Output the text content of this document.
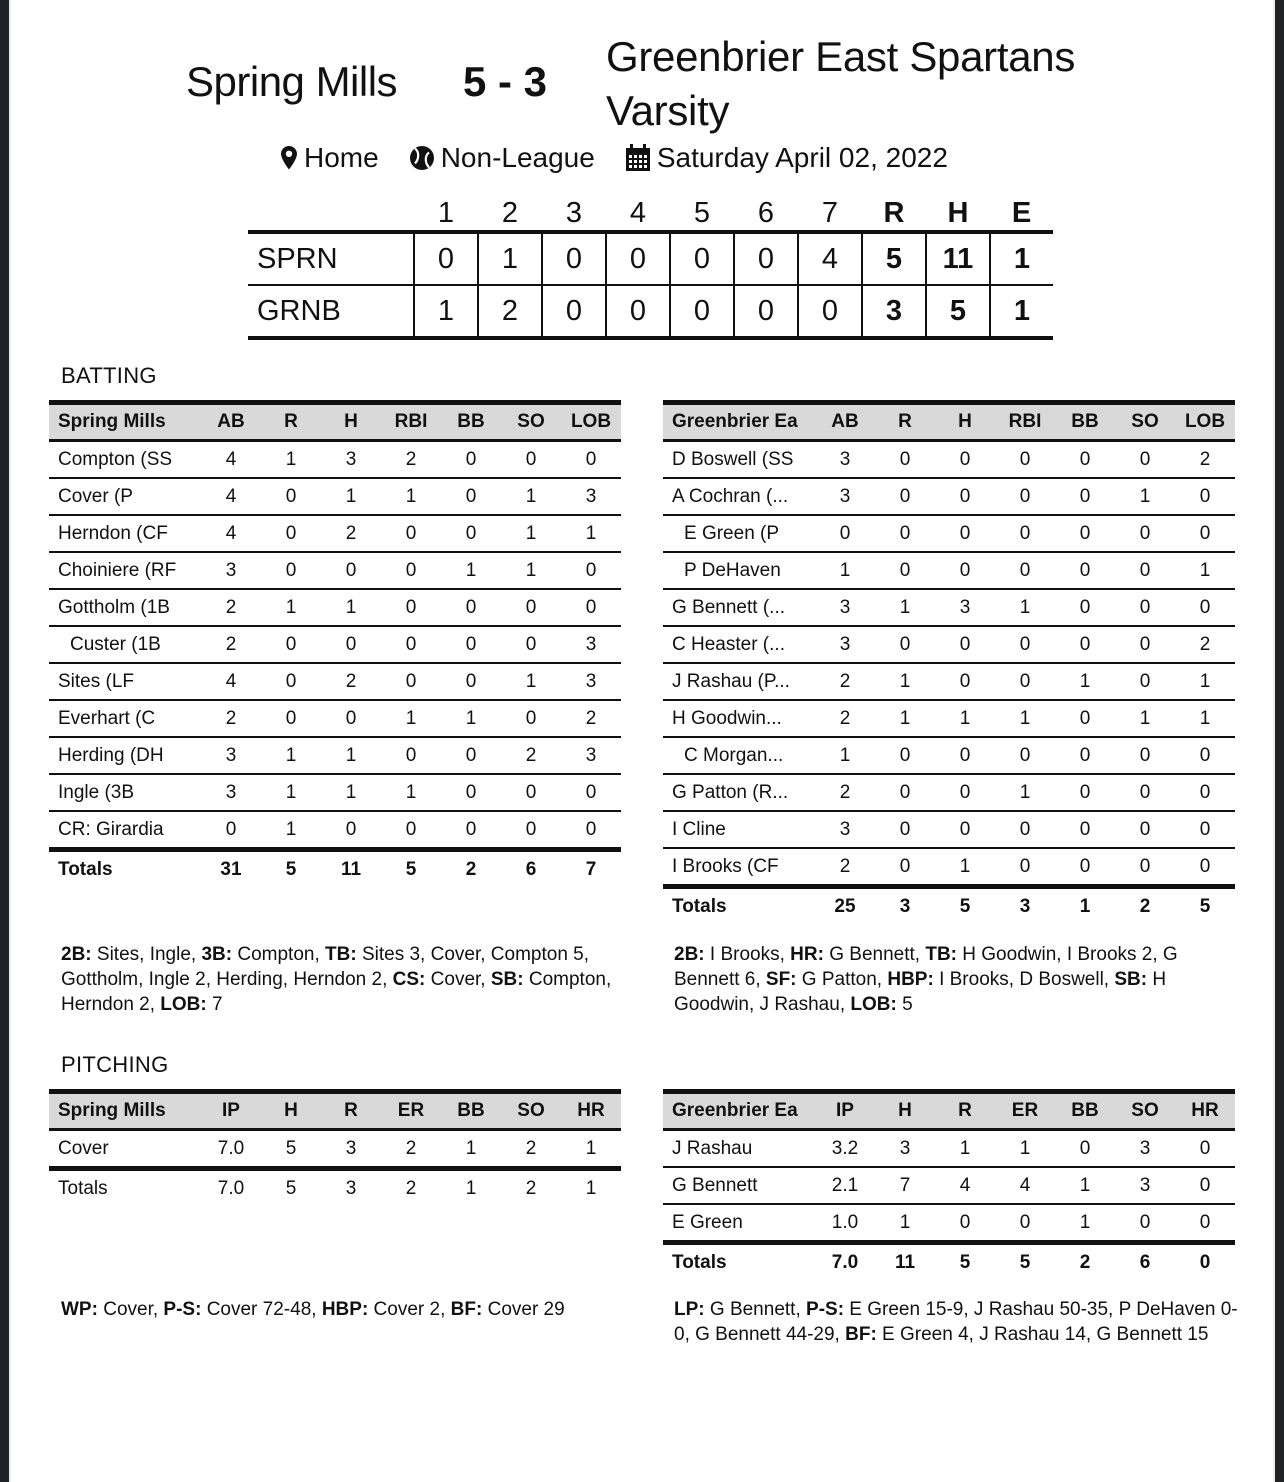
Spring Mills 5 - 3
Greenbrier East Spartans Varsity
Home Non-League Saturday April 02, 2022
	1	2	3	4	5	6	7	R	H	E
SPRN	0	1	0	0	0	0	4	5	11	1
GRNB	1	2	0	0	0	0	0	3	5	1
BATTING
Spring Mills	AB	R	H	RBI	BB	SO	LOB
Compton (SS	4	1	3	2	0	0	0
Cover (P	4	0	1	1	0	1	3
Herndon (CF	4	0	2	0	0	1	1
Choiniere (RF	3	0	0	0	1	1	0
Gottholm (1B	2	1	1	0	0	0	0
Custer (1B	2	0	0	0	0	0	3
Sites (LF	4	0	2	0	0	1	3
Everhart (C	2	0	0	1	1	0	2
Herding (DH	3	1	1	0	0	2	3
Ingle (3B	3	1	1	1	0	0	0
CR: Girardia	0	1	0	0	0	0	0
Totals	31	5	11	5	2	6	7
Greenbrier Ea	AB	R	H	RBI	BB	SO	LOB
D Boswell (SS	3	0	0	0	0	0	2
A Cochran (...	3	0	0	0	0	1	0
E Green (P	0	0	0	0	0	0	0
P DeHaven	1	0	0	0	0	0	1
G Bennett (...	3	1	3	1	0	0	0
C Heaster (...	3	0	0	0	0	0	2
J Rashau (P...	2	1	0	0	1	0	1
H Goodwin...	2	1	1	1	0	1	1
C Morgan...	1	0	0	0	0	0	0
G Patton (R...	2	0	0	1	0	0	0
I Cline	3	0	0	0	0	0	0
I Brooks (CF	2	0	1	0	0	0	0
Totals	25	3	5	3	1	2	5
2B: Sites, Ingle, 3B: Compton, TB: Sites 3, Cover, Compton 5, Gottholm, Ingle 2, Herding, Herndon 2, CS: Cover, SB: Compton, Herndon 2, LOB: 7
2B: I Brooks, HR: G Bennett, TB: H Goodwin, I Brooks 2, G Bennett 6, SF: G Patton, HBP: I Brooks, D Boswell, SB: H Goodwin, J Rashau, LOB: 5
PITCHING
Spring Mills	IP	H	R	ER	BB	SO	HR
Cover	7.0	5	3	2	1	2	1
Totals	7.0	5	3	2	1	2	1
Greenbrier Ea	IP	H	R	ER	BB	SO	HR
J Rashau	3.2	3	1	1	0	3	0
G Bennett	2.1	7	4	4	1	3	0
E Green	1.0	1	0	0	1	0	0
Totals	7.0	11	5	5	2	6	0
WP: Cover, P-S: Cover 72-48, HBP: Cover 2, BF: Cover 29	LP: G Bennett, P-S: E Green 15-9, J Rashau 50-35, P DeHaven 0-0, G Bennett 44-29, BF: E Green 4, J Rashau 14, G Bennett 15
